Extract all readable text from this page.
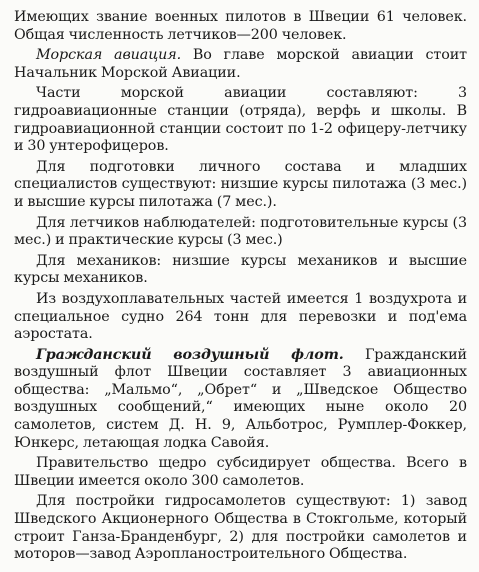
Имеющих звание военных пилотов в Швеции 61 человек. Общая численность летчиков—200 человек.

Морская авиация. Во главе морской авиации стоит Начальник Морской Авиации.

Части морской авиации составляют: 3 гидроавиационные станции (отряда), верфь и школы. В гидроавиационной станции состоит по 1-2 офицеру-летчику и 30 унтерофицеров.

Для подготовки личного состава и младших специалистов существуют: низшие курсы пилотажа (3 мес.) и высшие курсы пилотажа (7 мес.).

Для летчиков наблюдателей: подготовительные курсы (3 мес.) и практические курсы (3 мес.)

Для механиков: низшие курсы механиков и высшие курсы механиков.

Из воздухоплавательных частей имеется 1 воздухрота и специальное судно 264 тонн для перевозки и под'ема аэростата.

Гражданский воздушный флот. Гражданский воздушный флот Швеции составляет 3 авиационных общества: „Мальмо“, „Обрет“ и „Шведское Общество воздушных сообщений,“ имеющих ныне около 20 самолетов, систем Д. Н. 9, Альботрос, Румплер-Фоккер, Юнкерс, летающая лодка Савойя.

Правительство щедро субсидирует общества. Всего в Швеции имеется около 300 самолетов.

Для постройки гидросамолетов существуют: 1) завод Шведского Акционерного Общества в Стокгольме, который строит Ганза-Бранденбург, 2) для постройки самолетов и моторов—завод Аэропланостроительного Общества.
